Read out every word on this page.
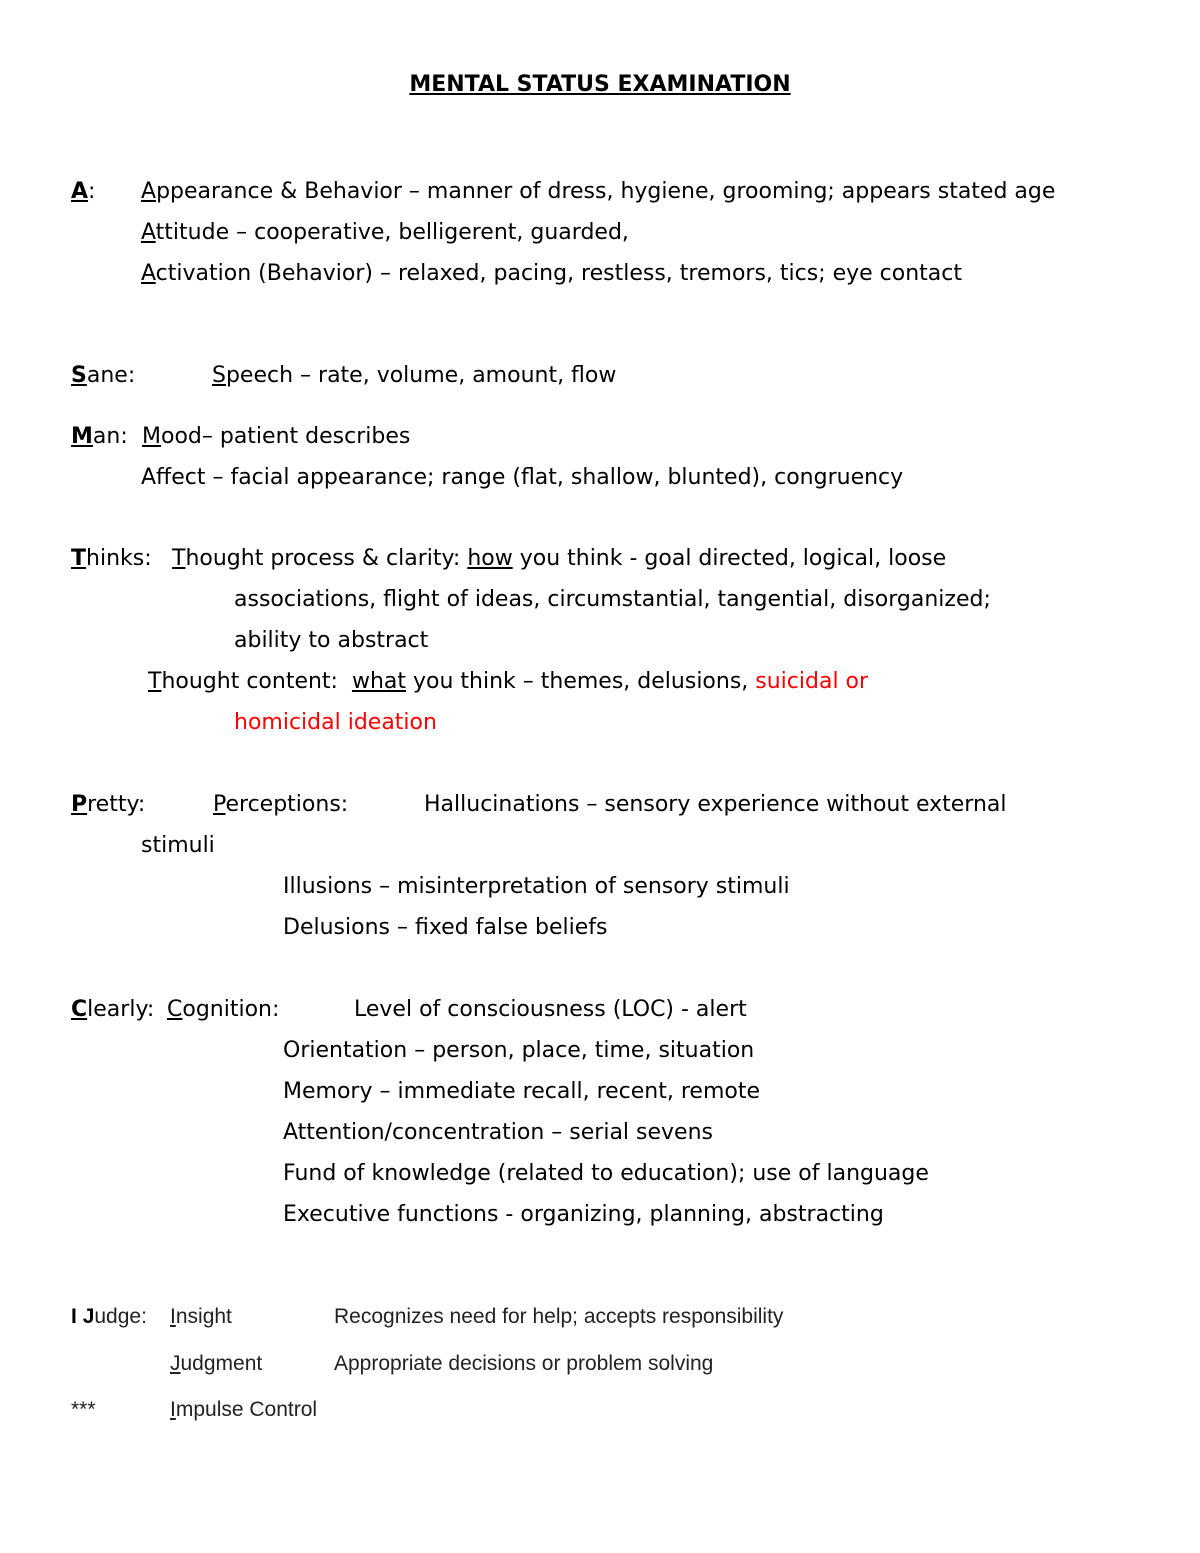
MENTAL STATUS EXAMINATION
A: Appearance & Behavior – manner of dress, hygiene, grooming; appears stated age
Attitude – cooperative, belligerent, guarded,
Activation (Behavior) – relaxed, pacing, restless, tremors, tics; eye contact
Sane:	Speech – rate, volume, amount, flow
Man: Mood– patient describes
Affect – facial appearance; range (flat, shallow, blunted), congruency
Thinks: Thought process & clarity: how you think - goal directed, logical, loose
associations, flight of ideas, circumstantial, tangential, disorganized;
ability to abstract
Thought content:  what you think – themes, delusions, suicidal or
homicidal ideation
Pretty:	Perceptions:	Hallucinations – sensory experience without external
stimuli
Illusions – misinterpretation of sensory stimuli
Delusions – fixed false beliefs
Clearly: Cognition:	Level of consciousness (LOC) - alert
Orientation – person, place, time, situation
Memory – immediate recall, recent, remote
Attention/concentration – serial sevens
Fund of knowledge (related to education); use of language
Executive functions - organizing, planning, abstracting
I Judge: Insight	Recognizes need for help; accepts responsibility
Judgment	Appropriate decisions or problem solving
***	Impulse Control
